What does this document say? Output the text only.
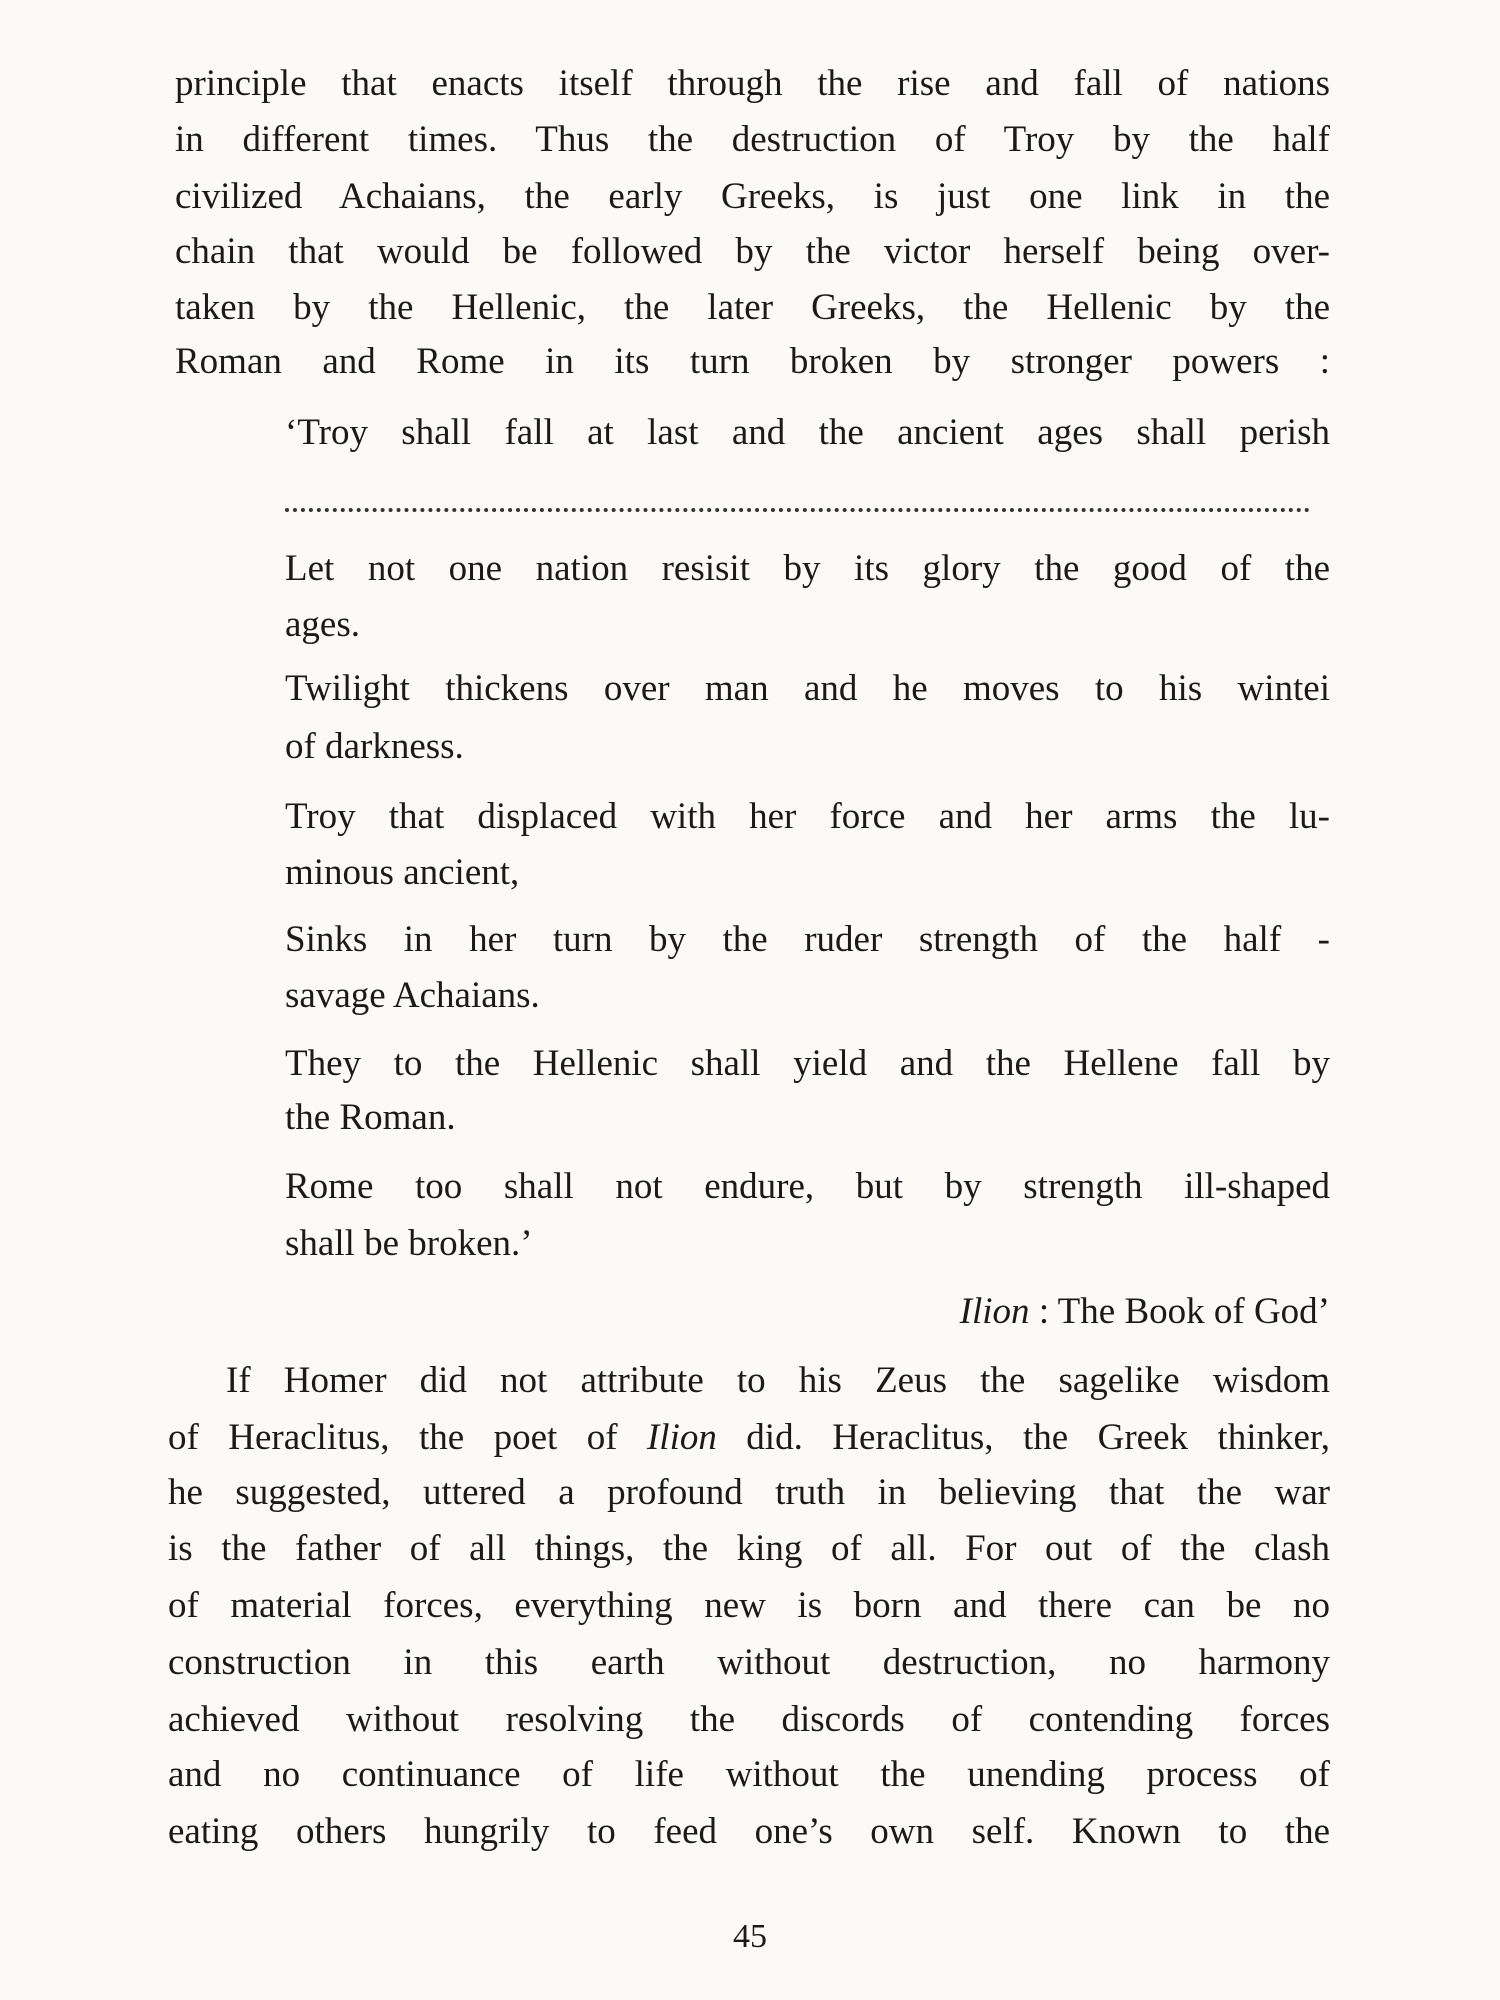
principle that enacts itself through the rise and fall of nations
in different times. Thus the destruction of Troy by the half
civilized Achaians, the early Greeks, is just one link in the
chain that would be followed by the victor herself being over-
taken by the Hellenic, the later Greeks, the Hellenic by the
Roman and Rome in its turn broken by stronger powers :
‘Troy shall fall at last and the ancient ages shall perish
Let not one nation resisit by its glory the good of the
ages.
Twilight thickens over man and he moves to his wintei
of darkness.
Troy that displaced with her force and her arms the lu-
minous ancient,
Sinks in her turn by the ruder strength of the half -
savage Achaians.
They to the Hellenic shall yield and the Hellene fall by
the Roman.
Rome too shall not endure, but by strength ill-shaped
shall be broken.’
Ilion : The Book of God’
If Homer did not attribute to his Zeus the sagelike wisdom
of Heraclitus, the poet of Ilion did. Heraclitus, the Greek thinker,
he suggested, uttered a profound truth in believing that the war
is the father of all things, the king of all. For out of the clash
of material forces, everything new is born and there can be no
construction in this earth without destruction, no harmony
achieved without resolving the discords of contending forces
and no continuance of life without the unending process of
eating others hungrily to feed one’s own self. Known to the
45
